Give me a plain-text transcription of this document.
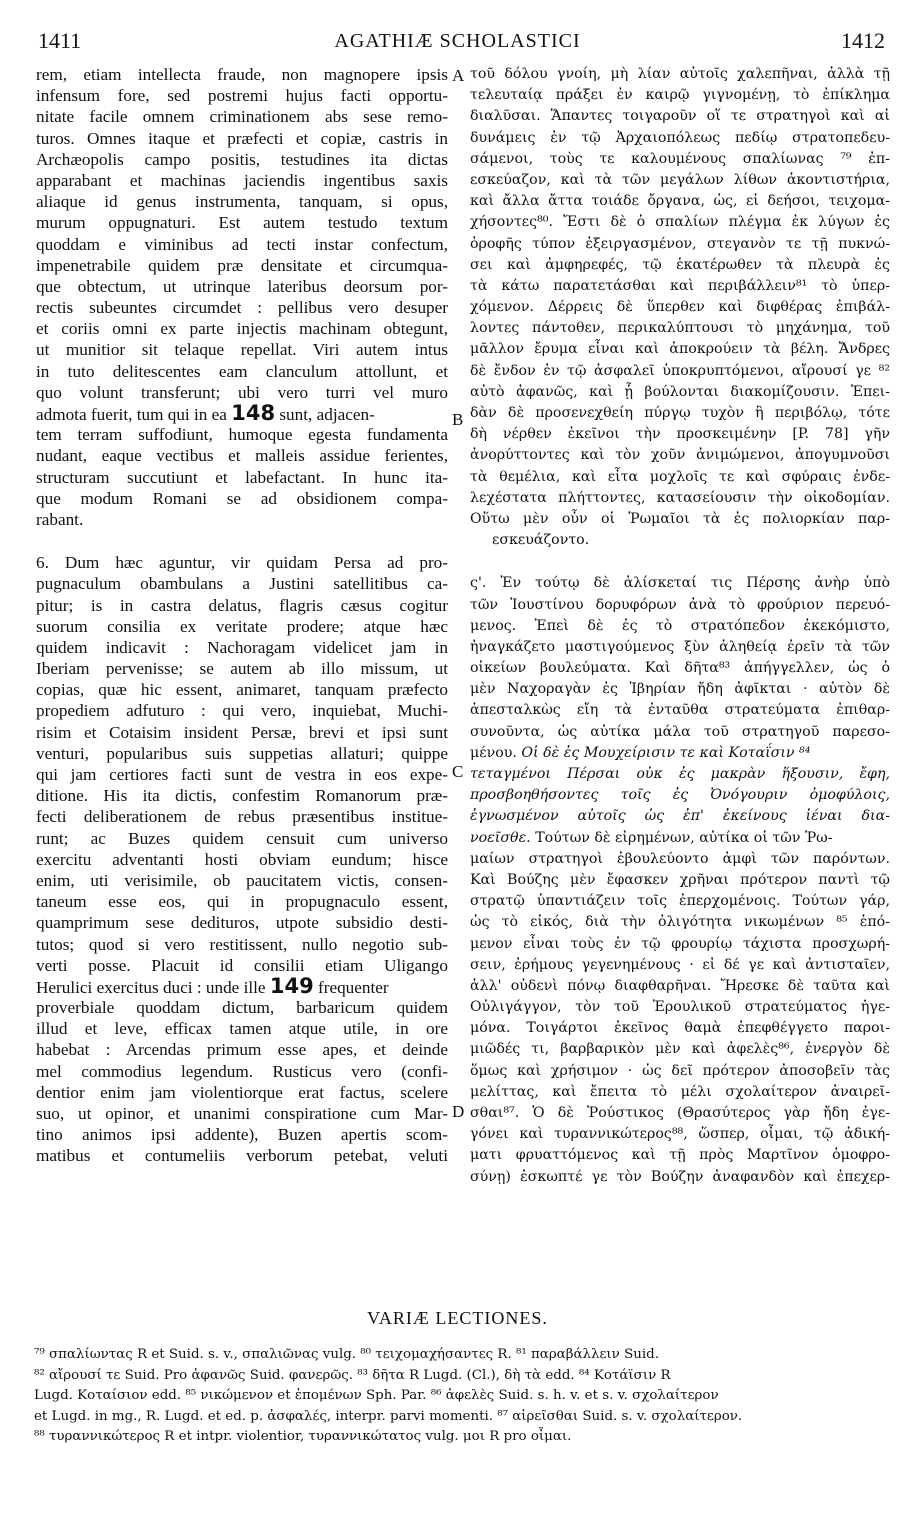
1411	AGATHIÆ SCHOLASTICI	1412
A
B
C
D
rem, etiam intellecta fraude, non magnopere ipsis
infensum fore, sed postremi hujus facti opportu-
nitate facile omnem criminationem abs sese remo-
turos. Omnes itaque et præfecti et copiæ, castris in
Archæopolis campo positis, testudines ita dictas
apparabant et machinas jaciendis ingentibus saxis
aliaque id genus instrumenta, tanquam, si opus,
murum oppugnaturi. Est autem testudo textum
quoddam e viminibus ad tecti instar confectum,
impenetrabile quidem præ densitate et circumqua-
que obtectum, ut utrinque lateribus deorsum por-
rectis subeuntes circumdet : pellibus vero desuper
et coriis omni ex parte injectis machinam obtegunt,
ut munitior sit telaque repellat. Viri autem intus
in tuto delitescentes eam clanculum attollunt, et
quo volunt transferunt; ubi vero turri vel muro
admota fuerit, tum qui in ea 148 sunt, adjacen-
tem terram suffodiunt, humoque egesta fundamenta
nudant, eaque vectibus et malleis assidue ferientes,
structuram succutiunt et labefactant. In hunc ita-
que modum Romani se ad obsidionem compa-
rabant.
6. Dum hæc aguntur, vir quidam Persa ad pro-
pugnaculum obambulans a Justini satellitibus ca-
pitur; is in castra delatus, flagris cæsus cogitur
suorum consilia ex veritate prodere; atque hæc
quidem indicavit : Nachoragam videlicet jam in
Iberiam pervenisse; se autem ab illo missum, ut
copias, quæ hic essent, animaret, tanquam præfecto
propediem adfuturo : qui vero, inquiebat, Muchi-
risim et Cotaisim insident Persæ, brevi et ipsi sunt
venturi, popularibus suis suppetias allaturi; quippe
qui jam certiores facti sunt de vestra in eos expe-
ditione. His ita dictis, confestim Romanorum præ-
fecti deliberationem de rebus præsentibus institue-
runt; ac Buzes quidem censuit cum universo
exercitu adventanti hosti obviam eundum; hisce
enim, uti verisimile, ob paucitatem victis, consen-
taneum esse eos, qui in propugnaculo essent,
quamprimum sese dedituros, utpote subsidio desti-
tutos; quod si vero restitissent, nullo negotio sub-
verti posse. Placuit id consilii etiam Uligango
Herulici exercitus duci : unde ille 149 frequenter
proverbiale quoddam dictum, barbaricum quidem
illud et leve, efficax tamen atque utile, in ore
habebat : Arcendas primum esse apes, et deinde
mel commodius legendum. Rusticus vero (confi-
dentior enim jam violentiorque erat factus, scelere
suo, ut opinor, et unanimi conspiratione cum Mar-
tino animos ipsi addente), Buzen apertis scom-
matibus et contumeliis verborum petebat, veluti
τοῦ δόλου γνοίη, μὴ λίαν αὐτοῖς χαλεπῆναι, ἀλλὰ τῇ
τελευταίᾳ πράξει ἐν καιρῷ γιγνομένῃ, τὸ ἐπίκλημα
διαλῦσαι. Ἅπαντες τοιγαροῦν οἵ τε στρατηγοὶ καὶ αἱ
δυνάμεις ἐν τῷ Ἀρχαιοπόλεως πεδίῳ στρατοπεδευ-
σάμενοι, τοὺς τε καλουμένους σπαλίωνας ⁷⁹ ἐπ-
εσκεύαζον, καὶ τὰ τῶν μεγάλων λίθων ἀκοντιστήρια,
καὶ ἄλλα ἄττα τοιάδε ὄργανα, ὡς, εἰ δεήσοι, τειχομα-
χήσοντες⁸⁰. Ἔστι δὲ ὁ σπαλίων πλέγμα ἐκ λύγων ἐς
ὀροφῆς τύπον ἐξειργασμένον, στεγανὸν τε τῇ πυκνώ-
σει καὶ ἀμφηρεφές, τῷ ἑκατέρωθεν τὰ πλευρὰ ἐς
τὰ κάτω παρατετάσθαι καὶ περιβάλλειν⁸¹ τὸ ὑπερ-
χόμενον. Δέρρεις δὲ ὕπερθεν καὶ διφθέρας ἐπιβάλ-
λοντες πάντοθεν, περικαλύπτουσι τὸ μηχάνημα, τοῦ
μᾶλλον ἔρυμα εἶναι καὶ ἀποκρούειν τὰ βέλη. Ἄνδρες
δὲ ἔνδον ἐν τῷ ἀσφαλεῖ ὑποκρυπτόμενοι, αἴρουσί γε ⁸²
αὐτὸ ἀφανῶς, καὶ ᾗ βούλονται διακομίζουσιν. Ἐπει-
δὰν δὲ προσενεχθείη πύργῳ τυχὸν ἢ περιβόλῳ, τότε
δὴ νέρθεν ἐκεῖνοι τὴν προσκειμένην [P. 78] γῆν
ἀνορύττοντες καὶ τὸν χοῦν ἀνιμώμενοι, ἀπογυμνοῦσι
τὰ θεμέλια, καὶ εἶτα μοχλοῖς τε καὶ σφύραις ἐνδε-
λεχέστατα πλήττοντες, κατασείουσιν τὴν οἰκοδομίαν.
Οὕτω μὲν οὖν οἱ Ῥωμαῖοι τὰ ἐς πολιορκίαν παρ-
εσκευάζοντο.
ς'. Ἐν τούτῳ δὲ ἁλίσκεταί τις Πέρσης ἀνὴρ ὑπὸ
τῶν Ἰουστίνου δορυφόρων ἀνὰ τὸ φρούριον περευό-
μενος. Ἐπεὶ δὲ ἐς τὸ στρατόπεδον ἐκεκόμιστο,
ἠναγκάζετο μαστιγούμενος ξὺν ἀληθείᾳ ἐρεῖν τὰ τῶν
οἰκείων βουλεύματα. Καὶ δῆτα⁸³ ἀπήγγελλεν, ὡς ὁ
μὲν Ναχοραγὰν ἐς Ἰβηρίαν ἤδη ἀφῖκται · αὐτὸν δὲ
ἀπεσταλκὼς εἴη τὰ ἐνταῦθα στρατεύματα ἐπιθαρ-
συνοῦντα, ὡς αὐτίκα μάλα τοῦ στρατηγοῦ παρεσο-
μένου. Οἱ δὲ ἐς Μουχείρισιν τε καὶ Κοταΐσιν ⁸⁴
τεταγμένοι Πέρσαι οὐκ ἐς μακρὰν ἥξουσιν, ἔφη,
προσβοηθήσοντες τοῖς ἐς Ὀνόγουριν ὁμοφύλοις,
ἐγνωσμένον αὐτοῖς ὡς ἐπ' ἐκείνους ἰέναι δια-
νοεῖσθε. Τούτων δὲ εἰρημένων, αὐτίκα οἱ τῶν Ῥω-
μαίων στρατηγοὶ ἐβουλεύοντο ἀμφὶ τῶν παρόντων.
Καὶ Βούζης μὲν ἔφασκεν χρῆναι πρότερον παντὶ τῷ
στρατῷ ὑπαντιάζειν τοῖς ἐπερχομένοις. Τούτων γάρ,
ὡς τὸ εἰκός, διὰ τὴν ὀλιγότητα νικωμένων ⁸⁵ ἑπό-
μενον εἶναι τοὺς ἐν τῷ φρουρίῳ τάχιστα προσχωρή-
σειν, ἐρήμους γεγενημένους · εἰ δέ γε καὶ ἀντισταῖεν,
ἀλλ' οὐδενὶ πόνῳ διαφθαρῆναι. Ἤρεσκε δὲ ταῦτα καὶ
Οὐλιγάγγον, τὸν τοῦ Ἐρουλικοῦ στρατεύματος ἡγε-
μόνα. Τοιγάρτοι ἐκεῖνος θαμὰ ἐπεφθέγγετο παροι-
μιῶδές τι, βαρβαρικὸν μὲν καὶ ἀφελὲς⁸⁶, ἐνεργὸν δὲ
ὅμως καὶ χρήσιμον · ὡς δεῖ πρότερον ἀποσοβεῖν τὰς
μελίττας, καὶ ἔπειτα τὸ μέλι σχολαίτερον ἀναιρεῖ-
σθαι⁸⁷. Ὁ δὲ Ῥούστικος (Θρασύτερος γὰρ ἤδη ἐγε-
γόνει καὶ τυραννικώτερος⁸⁸, ὥσπερ, οἶμαι, τῷ ἀδική-
ματι φρυαττόμενος καὶ τῇ πρὸς Μαρτῖνον ὁμοφρο-
σύνῃ) ἐσκωπτέ γε τὸν Βούζην ἀναφανδὸν καὶ ἐπεχερ-
VARIÆ LECTIONES.
⁷⁹ σπαλίωντας R et Suid. s. v., σπαλιῶνας vulg. ⁸⁰ τειχομαχήσαντες R. ⁸¹ παραβάλλειν Suid.
⁸² αἴρουσί τε Suid. Pro ἀφανῶς Suid. φανερῶς. ⁸³ δῆτα R Lugd. (Cl.), δὴ τὰ edd. ⁸⁴ Κοτάϊσιν R
Lugd. Κοταίσιον edd. ⁸⁵ νικώμενον et ἑπομένων Sph. Par. ⁸⁶ ἀφελὲς Suid. s. h. v. et s. v. σχολαίτερον
et Lugd. in mg., R. Lugd. et ed. p. ἀσφαλές, interpr. parvi momenti. ⁸⁷ αἱρεῖσθαι Suid. s. v. σχολαίτερον.
⁸⁸ τυραννικώτερος R et intpr. violentior, τυραννικώτατος vulg. μοι R pro οἶμαι.
